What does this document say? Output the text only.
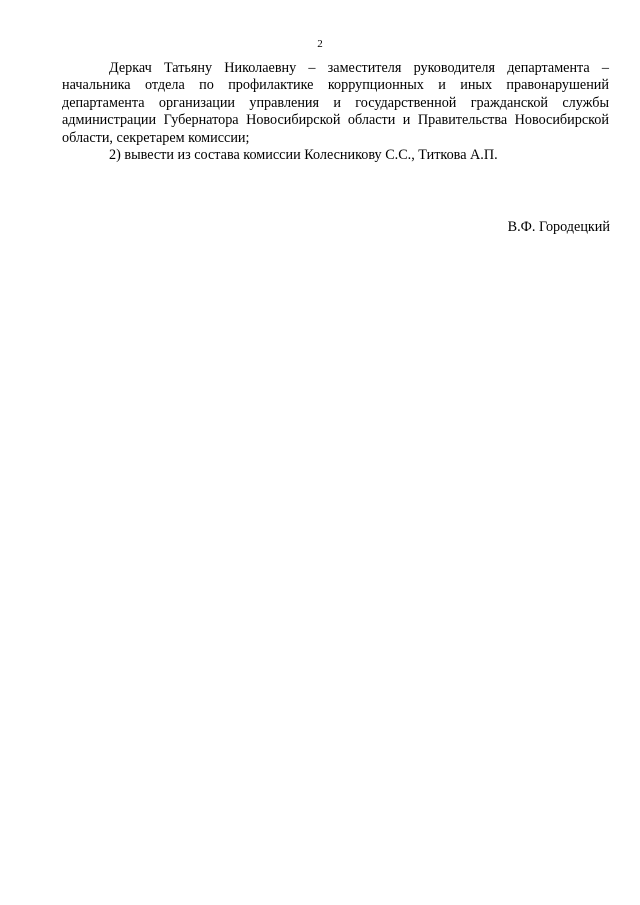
2

Деркач Татьяну Николаевну – заместителя руководителя департамента – начальника отдела по профилактике коррупционных и иных правонарушений департамента организации управления и государственной гражданской службы администрации Губернатора Новосибирской области и Правительства Новосибирской области, секретарем комиссии;

2) вывести из состава комиссии Колесникову С.С., Титкова А.П.

В.Ф. Городецкий
